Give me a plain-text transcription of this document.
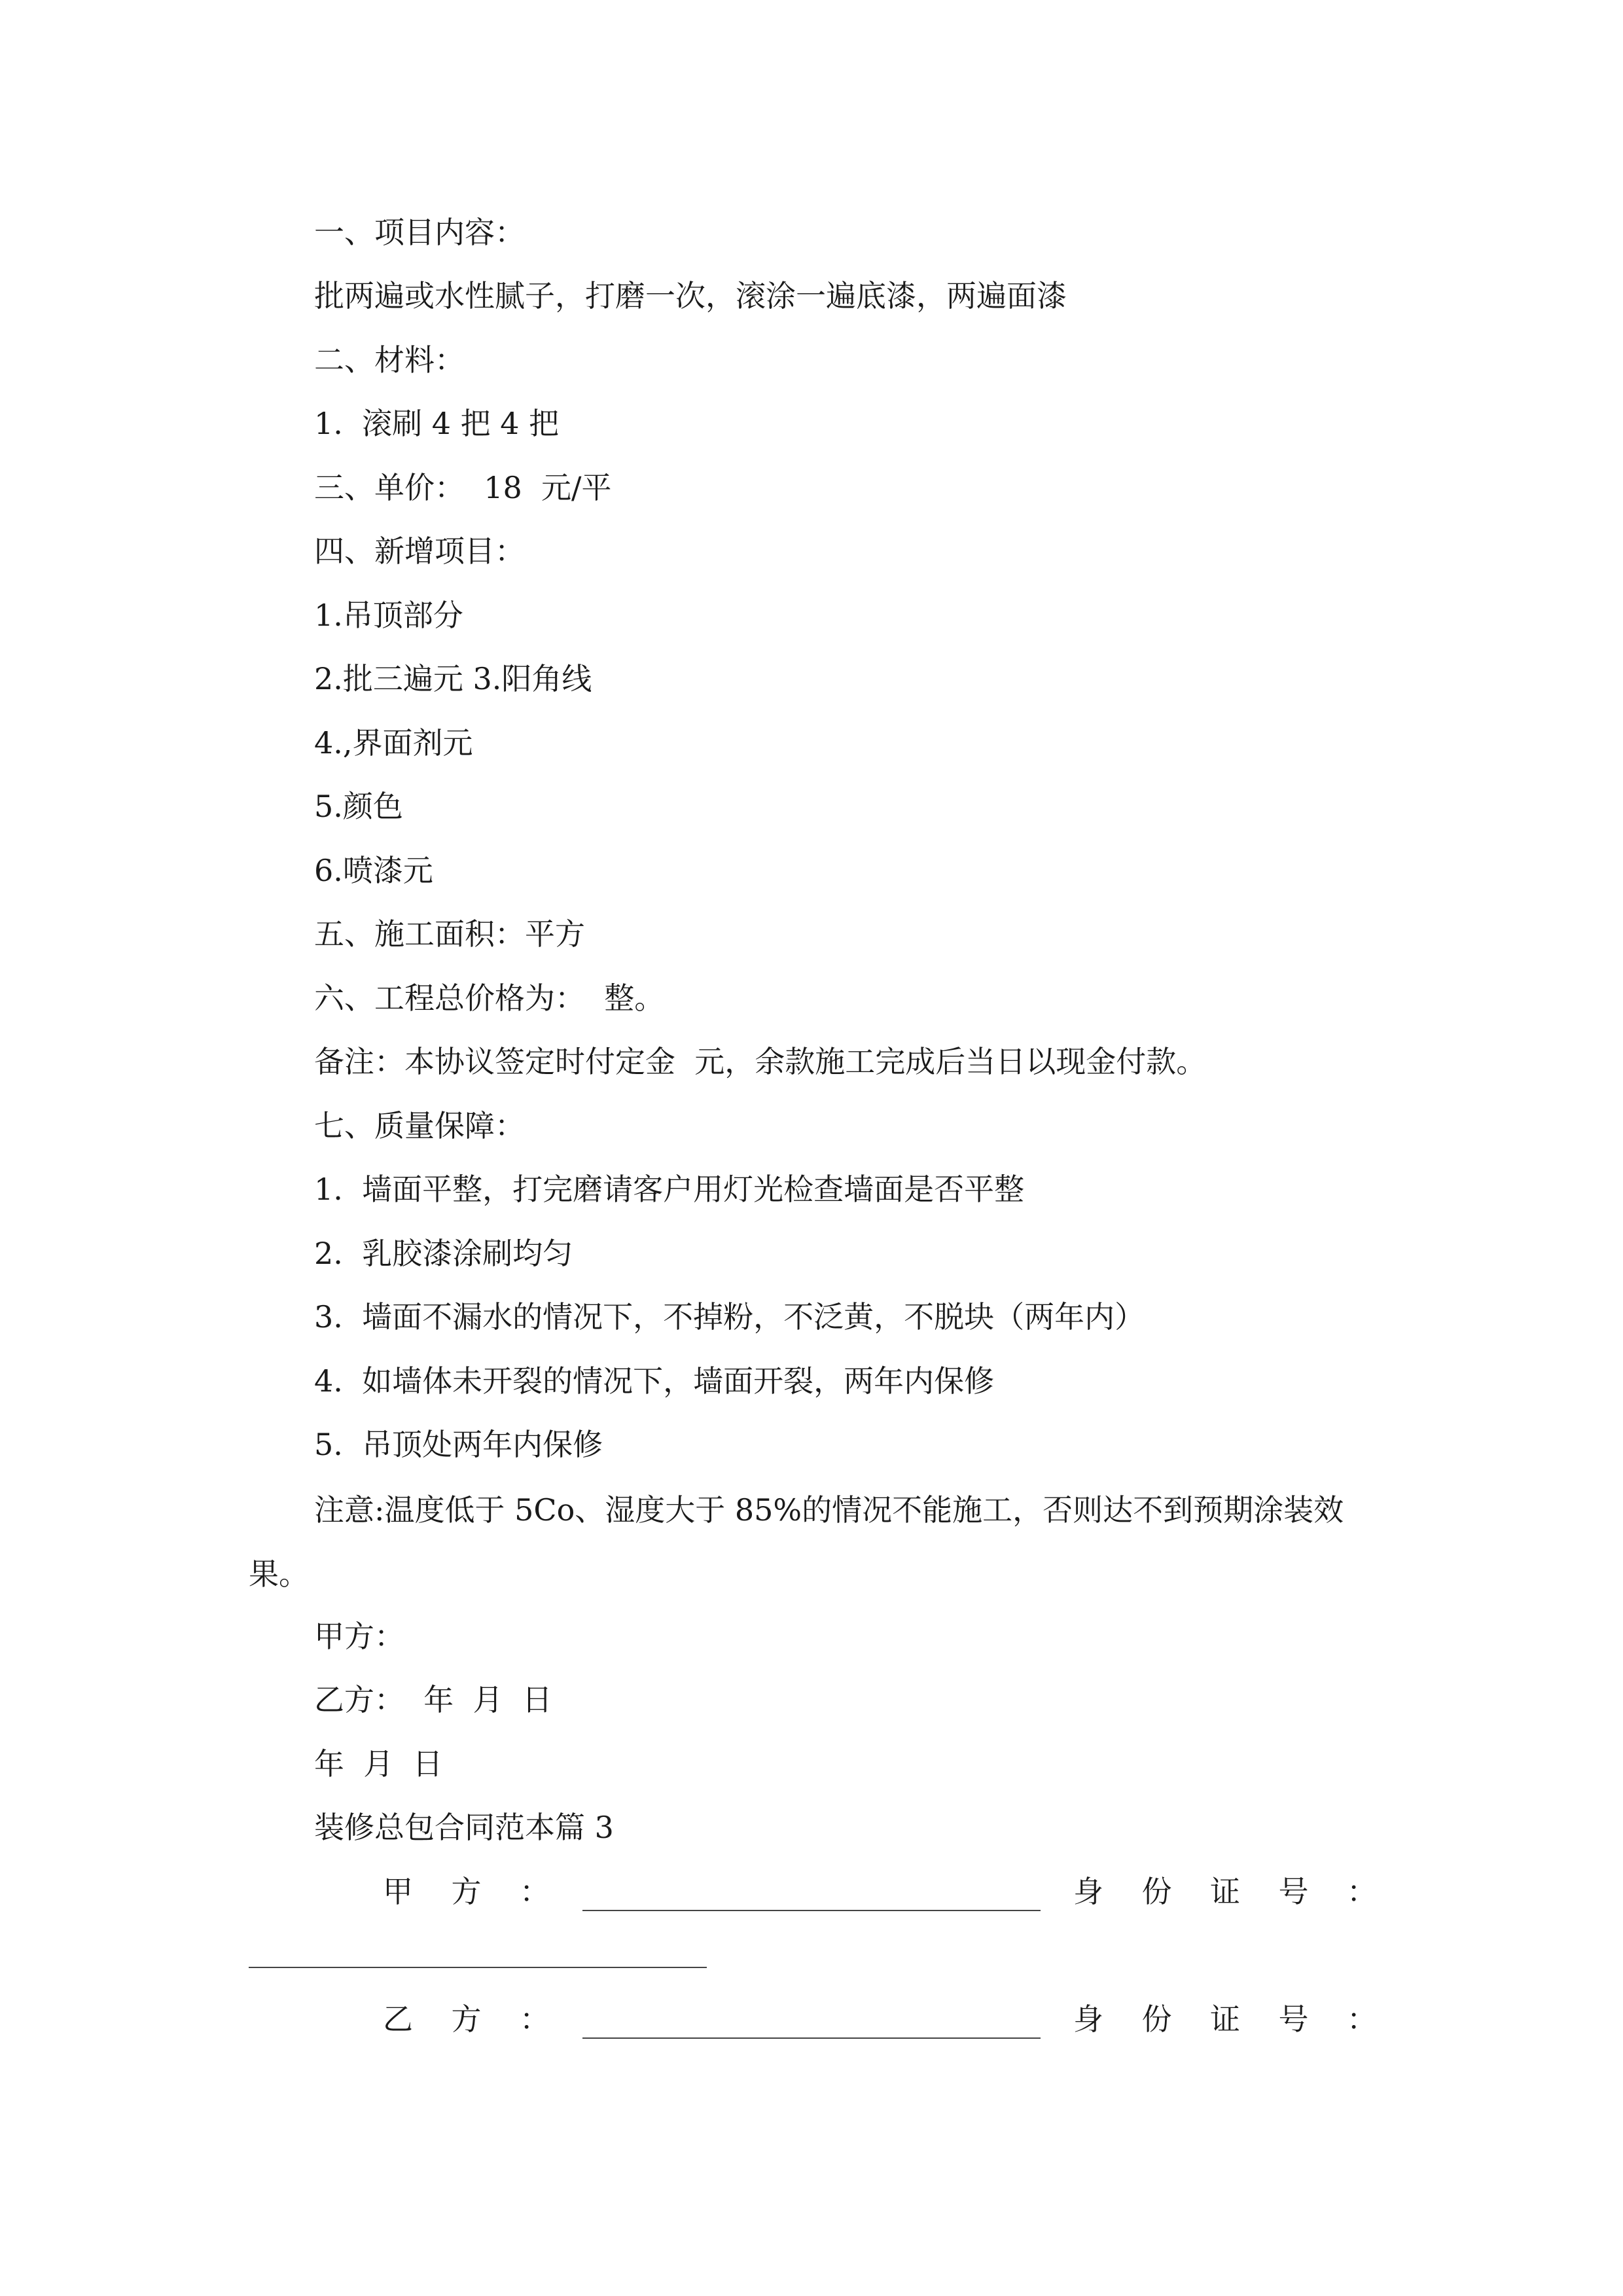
一、项目内容：
批两遍或水性腻子，打磨一次，滚涂一遍底漆，两遍面漆
二、材料：
1.  滚刷 4 把 4 把
三、单价：  18  元/平
四、新增项目：
1.吊顶部分
2.批三遍元 3.阳角线
4.,界面剂元
5.颜色
6.喷漆元
五、施工面积：平方
六、工程总价格为：  整。
备注：本协议签定时付定金  元，余款施工完成后当日以现金付款。
七、质量保障：
1.  墙面平整，打完磨请客户用灯光检查墙面是否平整
2.  乳胶漆涂刷均匀
3.  墙面不漏水的情况下，不掉粉，不泛黄，不脱块（两年内）
4.  如墙体未开裂的情况下，墙面开裂，两年内保修
5.  吊顶处两年内保修
注意:温度低于 5Co、湿度大于 85%的情况不能施工，否则达不到预期涂装效果。
甲方：
乙方：  年  月  日
年  月  日
装修总包合同范本篇 3
甲    方    ：	身    份    证    号    ：
乙    方    ：	身    份    证    号    ：
